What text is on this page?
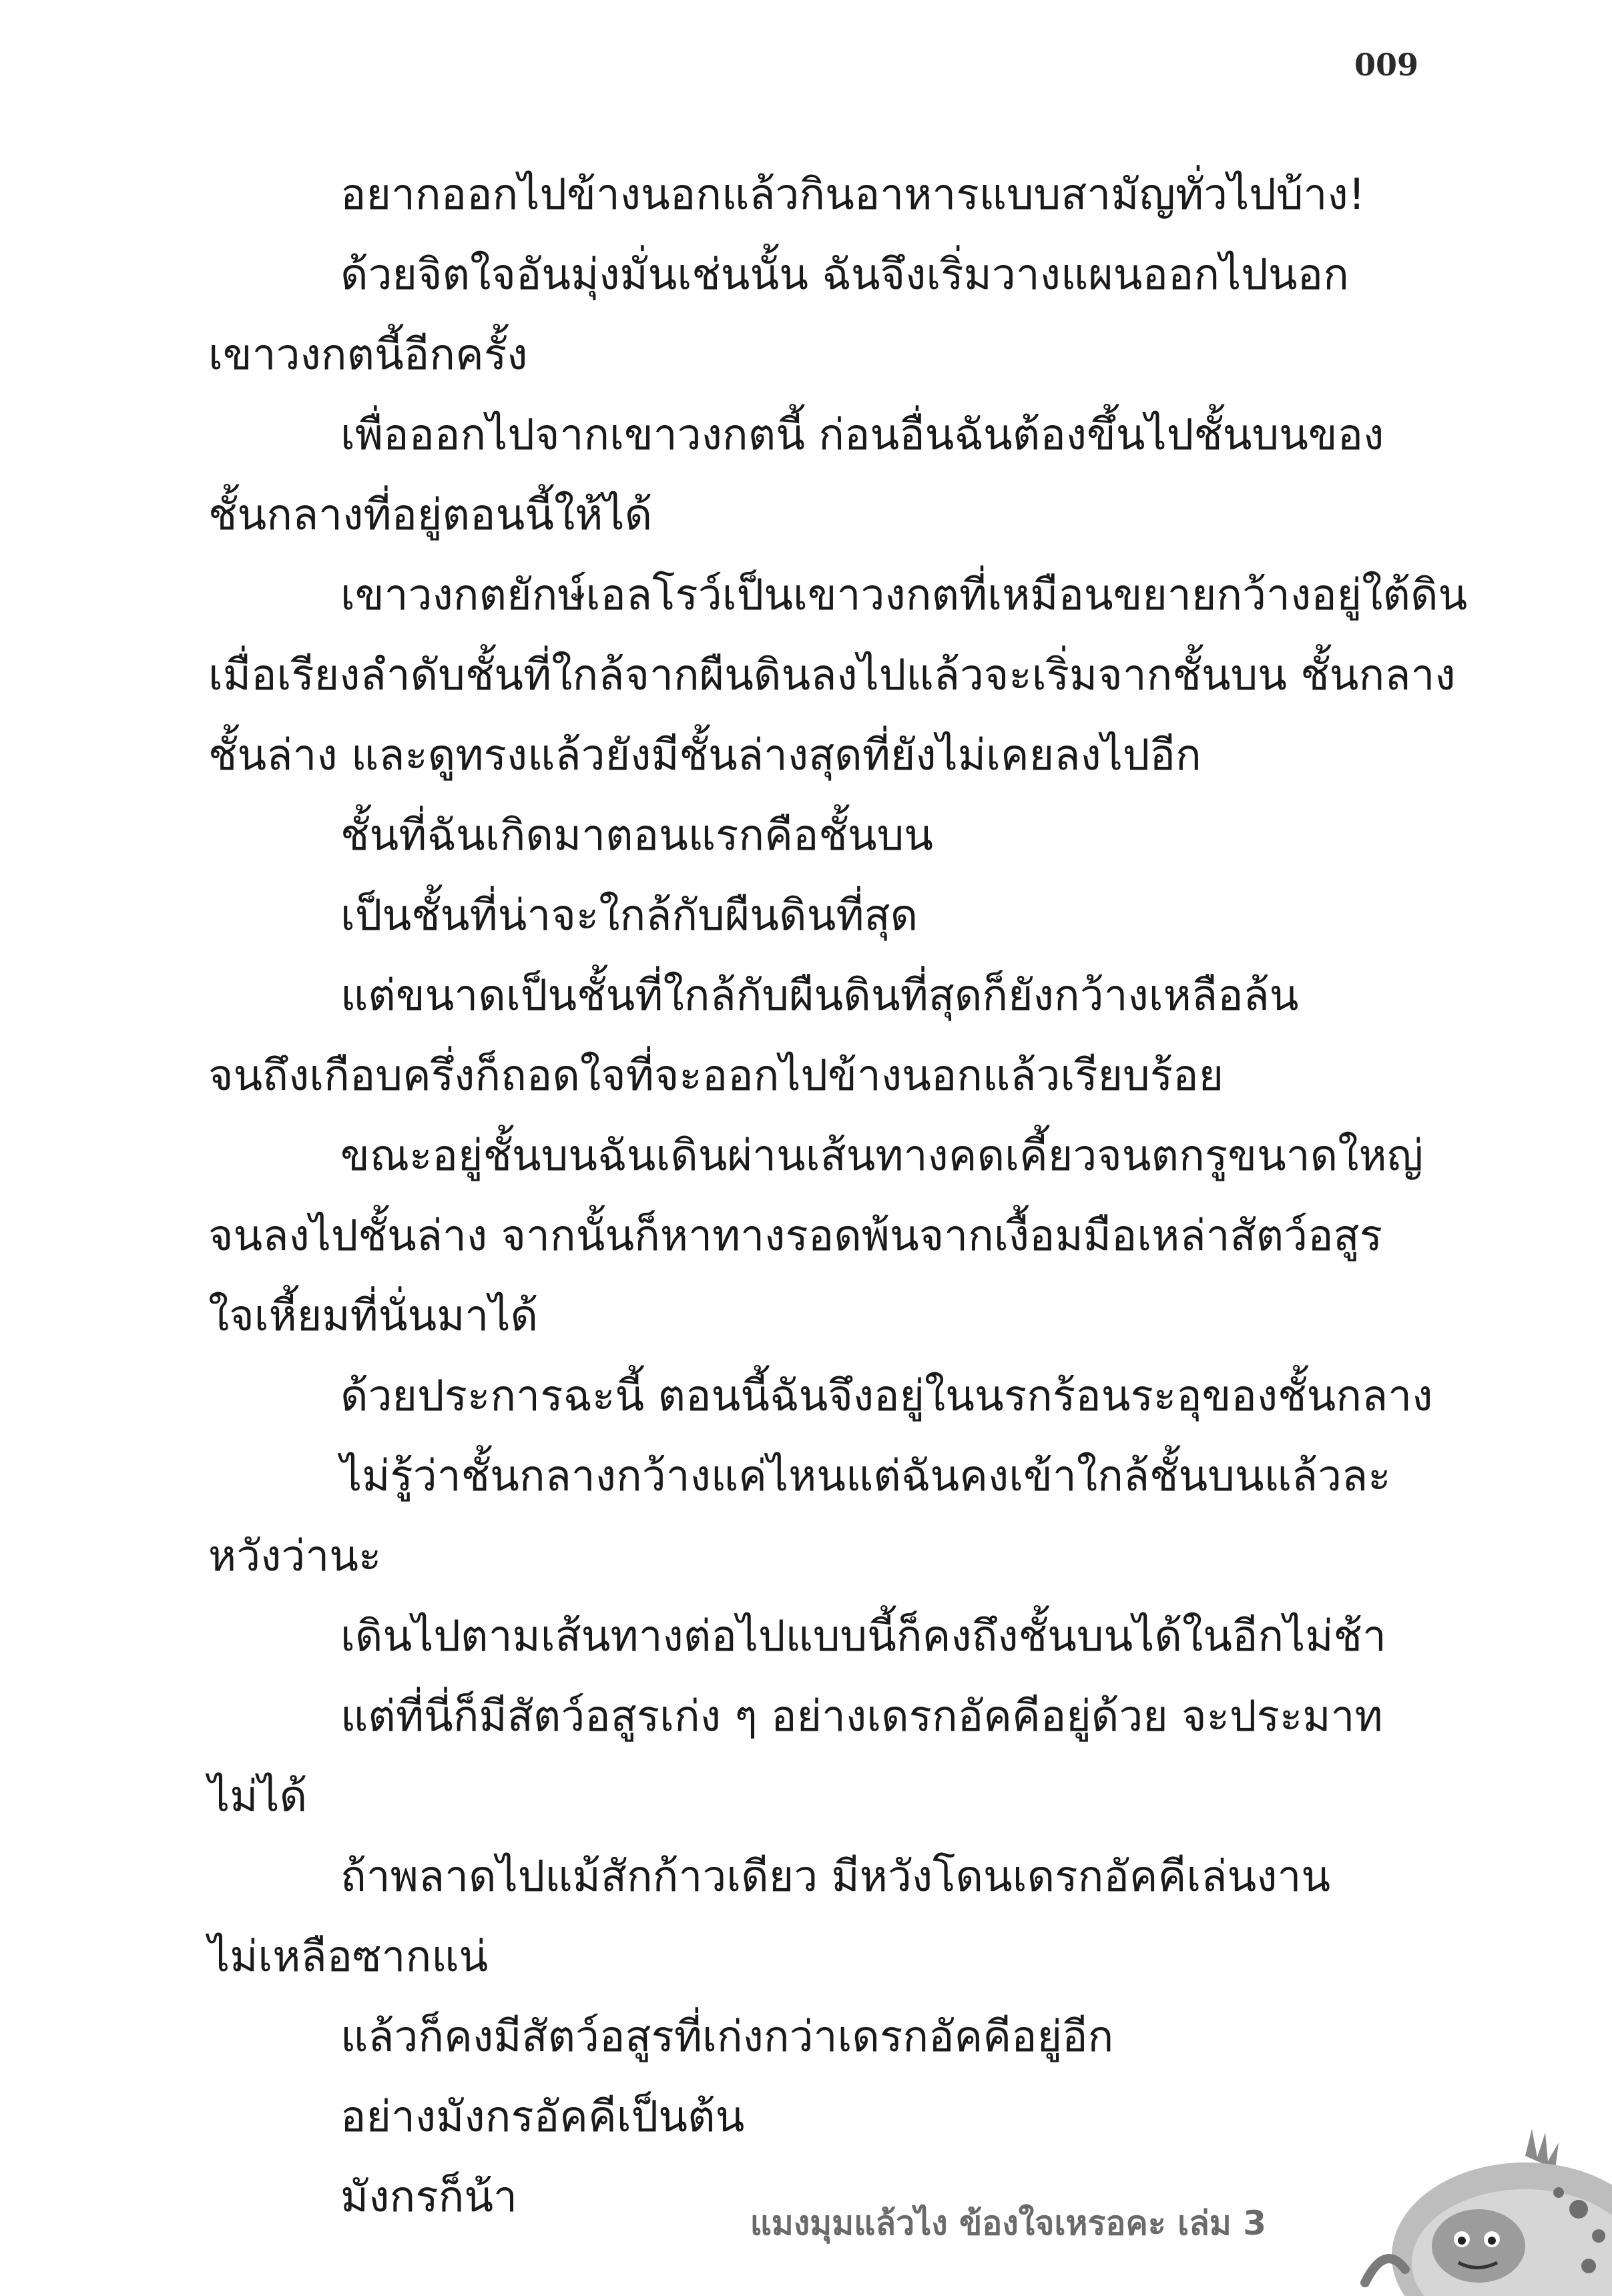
009
อยากออกไปข้างนอกแล้วกินอาหารแบบสามัญทั่วไปบ้าง!
ด้วยจิตใจอันมุ่งมั่นเช่นนั้น ฉันจึงเริ่มวางแผนออกไปนอก
เขาวงกตนี้อีกครั้ง
เพื่อออกไปจากเขาวงกตนี้ ก่อนอื่นฉันต้องขึ้นไปชั้นบนของ
ชั้นกลางที่อยู่ตอนนี้ให้ได้
เขาวงกตยักษ์เอลโรว์เป็นเขาวงกตที่เหมือนขยายกว้างอยู่ใต้ดิน
เมื่อเรียงลำดับชั้นที่ใกล้จากผืนดินลงไปแล้วจะเริ่มจากชั้นบน ชั้นกลาง
ชั้นล่าง และดูทรงแล้วยังมีชั้นล่างสุดที่ยังไม่เคยลงไปอีก
ชั้นที่ฉันเกิดมาตอนแรกคือชั้นบน
เป็นชั้นที่น่าจะใกล้กับผืนดินที่สุด
แต่ขนาดเป็นชั้นที่ใกล้กับผืนดินที่สุดก็ยังกว้างเหลือล้น
จนถึงเกือบครึ่งก็ถอดใจที่จะออกไปข้างนอกแล้วเรียบร้อย
ขณะอยู่ชั้นบนฉันเดินผ่านเส้นทางคดเคี้ยวจนตกรูขนาดใหญ่
จนลงไปชั้นล่าง จากนั้นก็หาทางรอดพ้นจากเงื้อมมือเหล่าสัตว์อสูร
ใจเหี้ยมที่นั่นมาได้
ด้วยประการฉะนี้ ตอนนี้ฉันจึงอยู่ในนรกร้อนระอุของชั้นกลาง
ไม่รู้ว่าชั้นกลางกว้างแค่ไหนแต่ฉันคงเข้าใกล้ชั้นบนแล้วละ
หวังว่านะ
เดินไปตามเส้นทางต่อไปแบบนี้ก็คงถึงชั้นบนได้ในอีกไม่ช้า
แต่ที่นี่ก็มีสัตว์อสูรเก่ง ๆ อย่างเดรกอัคคีอยู่ด้วย จะประมาท
ไม่ได้
ถ้าพลาดไปแม้สักก้าวเดียว มีหวังโดนเดรกอัคคีเล่นงาน
ไม่เหลือซากแน่
แล้วก็คงมีสัตว์อสูรที่เก่งกว่าเดรกอัคคีอยู่อีก
อย่างมังกรอัคคีเป็นต้น
มังกรก็น้า
แมงมุมแล้วไง ข้องใจเหรอคะ เล่ม 3
